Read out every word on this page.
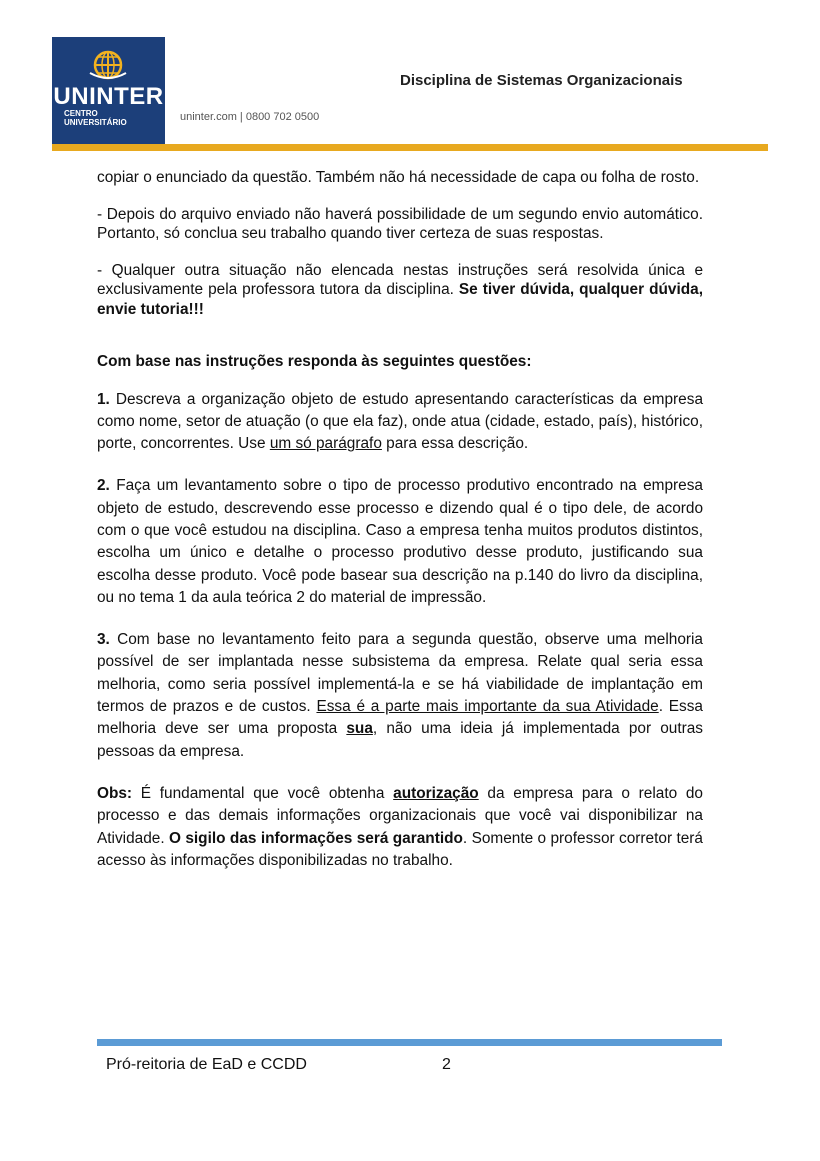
UNINTER
CENTRO
UNIVERSITÁRIO	uninter.com | 0800 702 0500
Disciplina de Sistemas Organizacionais

copiar o enunciado da questão. Também não há necessidade de capa ou folha de rosto.

- Depois do arquivo enviado não haverá possibilidade de um segundo envio automático. Portanto, só conclua seu trabalho quando tiver certeza de suas respostas.

- Qualquer outra situação não elencada nestas instruções será resolvida única e exclusivamente pela professora tutora da disciplina. Se tiver dúvida, qualquer dúvida, envie tutoria!!!

Com base nas instruções responda às seguintes questões:

1. Descreva a organização objeto de estudo apresentando características da empresa como nome, setor de atuação (o que ela faz), onde atua (cidade, estado, país), histórico, porte, concorrentes. Use um só parágrafo para essa descrição.

2. Faça um levantamento sobre o tipo de processo produtivo encontrado na empresa objeto de estudo, descrevendo esse processo e dizendo qual é o tipo dele, de acordo com o que você estudou na disciplina. Caso a empresa tenha muitos produtos distintos, escolha um único e detalhe o processo produtivo desse produto, justificando sua escolha desse produto. Você pode basear sua descrição na p.140 do livro da disciplina, ou no tema 1 da aula teórica 2 do material de impressão.

3. Com base no levantamento feito para a segunda questão, observe uma melhoria possível de ser implantada nesse subsistema da empresa. Relate qual seria essa melhoria, como seria possível implementá-la e se há viabilidade de implantação em termos de prazos e de custos. Essa é a parte mais importante da sua Atividade. Essa melhoria deve ser uma proposta sua, não uma ideia já implementada por outras pessoas da empresa.

Obs: É fundamental que você obtenha autorização da empresa para o relato do processo e das demais informações organizacionais que você vai disponibilizar na Atividade. O sigilo das informações será garantido. Somente o professor corretor terá acesso às informações disponibilizadas no trabalho.

Pró-reitoria de EaD e CCDD	2
